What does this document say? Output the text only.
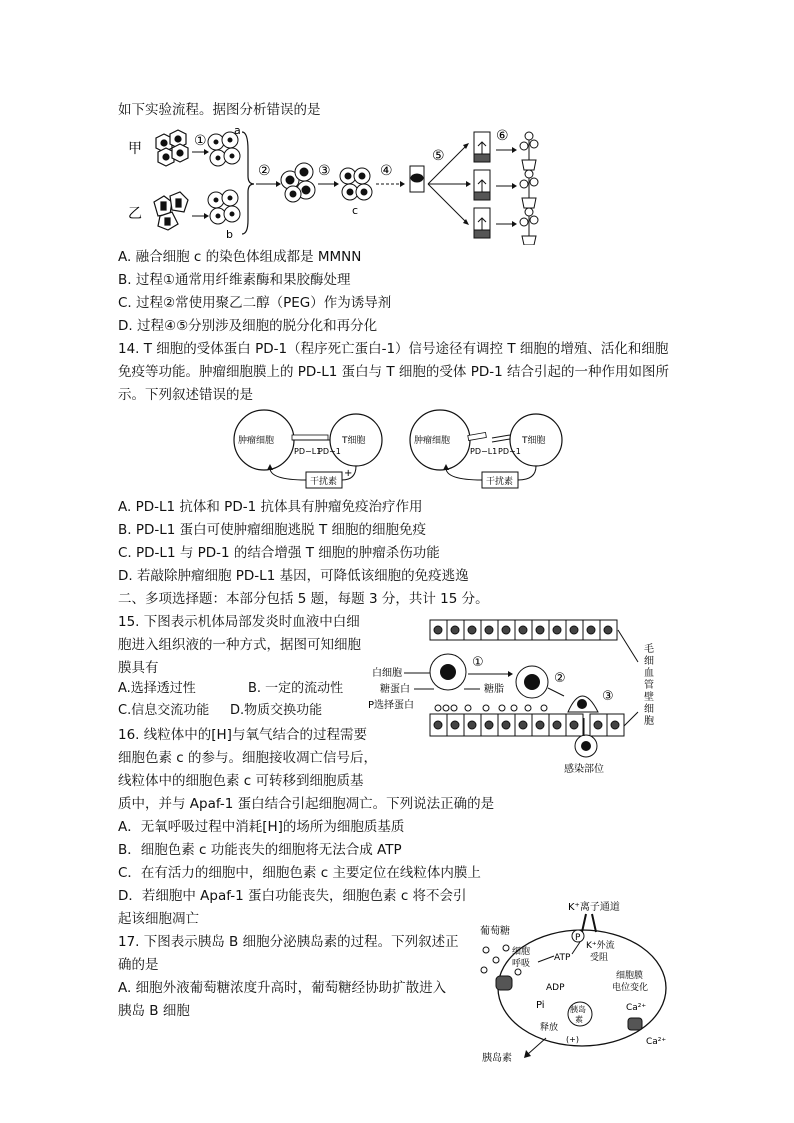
如下实验流程。据图分析错误的是
甲
乙
①
a
b
②	③
c
④
⑤
⑥
A. 融合细胞 c 的染色体组成都是 MMNN
B. 过程①通常用纤维素酶和果胶酶处理
C. 过程②常使用聚乙二醇（PEG）作为诱导剂
D. 过程④⑤分别涉及细胞的脱分化和再分化
14. T 细胞的受体蛋白 PD-1（程序死亡蛋白-1）信号途径有调控 T 细胞的增殖、活化和细胞
免疫等功能。肿瘤细胞膜上的 PD-L1 蛋白与 T 细胞的受体 PD-1 结合引起的一种作用如图所
示。下列叙述错误的是
肿瘤细胞	T细胞
PD−L1
PD−1
干扰素
+
肿瘤细胞	T细胞
PD−L1 PD−1
干扰素
A. PD-L1 抗体和 PD-1 抗体具有肿瘤免疫治疗作用
B. PD-L1 蛋白可使肿瘤细胞逃脱 T 细胞的细胞免疫
C. PD-L1 与 PD-1 的结合增强 T 细胞的肿瘤杀伤功能
D. 若敲除肿瘤细胞 PD-L1 基因，可降低该细胞的免疫逃逸
二、多项选择题：本部分包括 5 题，每题 3 分，共计 15 分。
15. 下图表示机体局部发炎时血液中白细
胞进入组织液的一种方式，据图可知细胞
膜具有
A.选择透过性	B. 一定的流动性
C.信息交流功能 D.物质交换功能
①
②
③
感染部位
白细胞
糖蛋白	糖脂
P选择蛋白
毛细血管壁细胞
16. 线粒体中的[H]与氧气结合的过程需要
细胞色素 c 的参与。细胞接收凋亡信号后，
线粒体中的细胞色素 c 可转移到细胞质基
质中，并与 Apaf-1 蛋白结合引起细胞凋亡。下列说法正确的是
A．无氧呼吸过程中消耗[H]的场所为细胞质基质
B．细胞色素 c 功能丧失的细胞将无法合成 ATP
C．在有活力的细胞中，细胞色素 c 主要定位在线粒体内膜上
D．若细胞中 Apaf-1 蛋白功能丧失，细胞色素 c 将不会引
起该细胞凋亡
17. 下图表示胰岛 B 细胞分泌胰岛素的过程。下列叙述正
确的是
A. 细胞外液葡萄糖浓度升高时，葡萄糖经协助扩散进入
胰岛 B 细胞
K⁺离子通道
葡萄糖
细胞
呼吸
ATP
P
K⁺外流
受阻
ADP
Pi
细胞膜
电位变化
Ca²⁺
Ca²⁺
胰岛
素
释放
(+)
胰岛素
